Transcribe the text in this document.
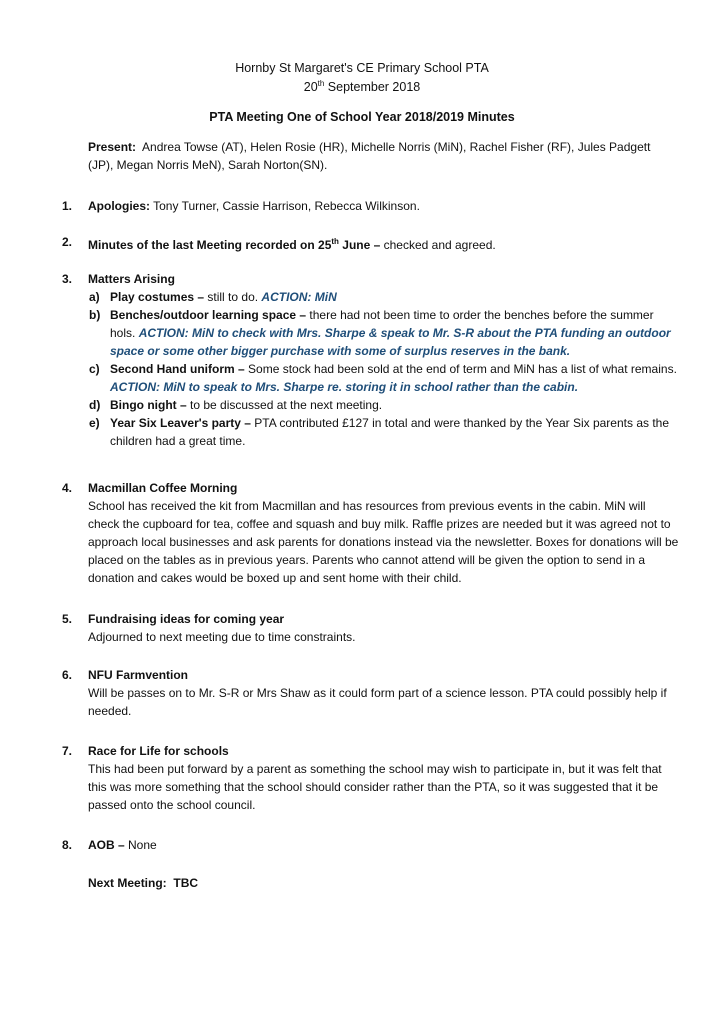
Hornby St Margaret's CE Primary School PTA
20th September 2018
PTA Meeting One of School Year 2018/2019 Minutes
Present: Andrea Towse (AT), Helen Rosie (HR), Michelle Norris (MiN), Rachel Fisher (RF), Jules Padgett (JP), Megan Norris MeN), Sarah Norton(SN).
1. Apologies: Tony Turner, Cassie Harrison, Rebecca Wilkinson.
2. Minutes of the last Meeting recorded on 25th June – checked and agreed.
3. Matters Arising
a) Play costumes – still to do. ACTION: MiN
b) Benches/outdoor learning space – there had not been time to order the benches before the summer hols. ACTION: MiN to check with Mrs. Sharpe & speak to Mr. S-R about the PTA funding an outdoor space or some other bigger purchase with some of surplus reserves in the bank.
c) Second Hand uniform – Some stock had been sold at the end of term and MiN has a list of what remains. ACTION: MiN to speak to Mrs. Sharpe re. storing it in school rather than the cabin.
d) Bingo night – to be discussed at the next meeting.
e) Year Six Leaver's party – PTA contributed £127 in total and were thanked by the Year Six parents as the children had a great time.
4. Macmillan Coffee Morning
School has received the kit from Macmillan and has resources from previous events in the cabin. MiN will check the cupboard for tea, coffee and squash and buy milk. Raffle prizes are needed but it was agreed not to approach local businesses and ask parents for donations instead via the newsletter. Boxes for donations will be placed on the tables as in previous years. Parents who cannot attend will be given the option to send in a donation and cakes would be boxed up and sent home with their child.
5. Fundraising ideas for coming year
Adjourned to next meeting due to time constraints.
6. NFU Farmvention
Will be passes on to Mr. S-R or Mrs Shaw as it could form part of a science lesson. PTA could possibly help if needed.
7. Race for Life for schools
This had been put forward by a parent as something the school may wish to participate in, but it was felt that this was more something that the school should consider rather than the PTA, so it was suggested that it be passed onto the school council.
8. AOB – None
Next Meeting: TBC
